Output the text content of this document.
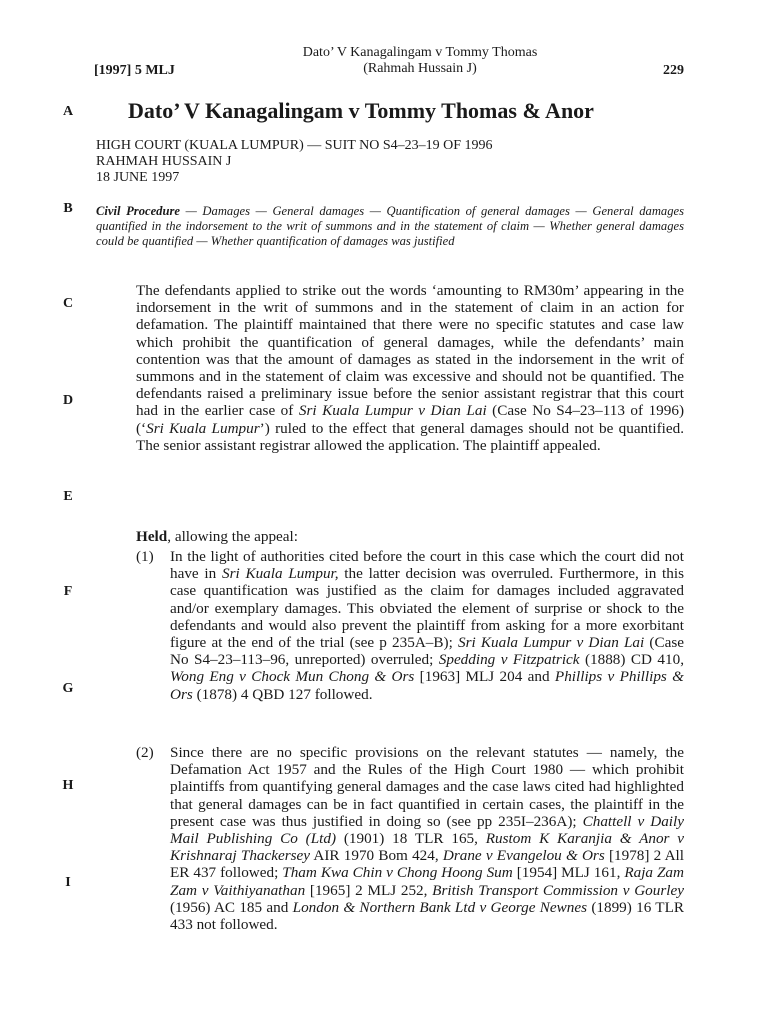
[1997] 5 MLJ
Dato’ V Kanagalingam v Tommy Thomas
(Rahmah Hussain J)	229
A
B
C
D
E
F
G
H
I
Dato’ V Kanagalingam v Tommy Thomas & Anor
HIGH COURT (KUALA LUMPUR) — SUIT NO S4–23–19 OF 1996
RAHMAH HUSSAIN J
18 JUNE 1997
Civil Procedure — Damages — General damages — Quantification of general damages — General damages quantified in the indorsement to the writ of summons and in the statement of claim — Whether general damages could be quantified — Whether quantification of damages was justified
The defendants applied to strike out the words ‘amounting to RM30m’ appearing in the indorsement in the writ of summons and in the statement of claim in an action for defamation. The plaintiff maintained that there were no specific statutes and case law which prohibit the quantification of general damages, while the defendants’ main contention was that the amount of damages as stated in the indorsement in the writ of summons and in the statement of claim was excessive and should not be quantified. The defendants raised a preliminary issue before the senior assistant registrar that this court had in the earlier case of Sri Kuala Lumpur v Dian Lai (Case No S4–23–113 of 1996) (‘Sri Kuala Lumpur’) ruled to the effect that general damages should not be quantified. The senior assistant registrar allowed the application. The plaintiff appealed.
Held, allowing the appeal:
(1)	In the light of authorities cited before the court in this case which the court did not have in Sri Kuala Lumpur, the latter decision was overruled. Furthermore, in this case quantification was justified as the claim for damages included aggravated and/or exemplary damages. This obviated the element of surprise or shock to the defendants and would also prevent the plaintiff from asking for a more exorbitant figure at the end of the trial (see p 235A–B); Sri Kuala Lumpur v Dian Lai (Case No S4–23–113–96, unreported) overruled; Spedding v Fitzpatrick (1888) CD 410, Wong Eng v Chock Mun Chong & Ors [1963] MLJ 204 and Phillips v Phillips & Ors (1878) 4 QBD 127 followed.
(2)	Since there are no specific provisions on the relevant statutes — namely, the Defamation Act 1957 and the Rules of the High Court 1980 — which prohibit plaintiffs from quantifying general damages and the case laws cited had highlighted that general damages can be in fact quantified in certain cases, the plaintiff in the present case was thus justified in doing so (see pp 235I–236A); Chattell v Daily Mail Publishing Co (Ltd) (1901) 18 TLR 165, Rustom K Karanjia & Anor v Krishnaraj Thackersey AIR 1970 Bom 424, Drane v Evangelou & Ors [1978] 2 All ER 437 followed; Tham Kwa Chin v Chong Hoong Sum [1954] MLJ 161, Raja Zam Zam v Vaithiyanathan [1965] 2 MLJ 252, British Transport Commission v Gourley (1956) AC 185 and London & Northern Bank Ltd v George Newnes (1899) 16 TLR 433 not followed.
